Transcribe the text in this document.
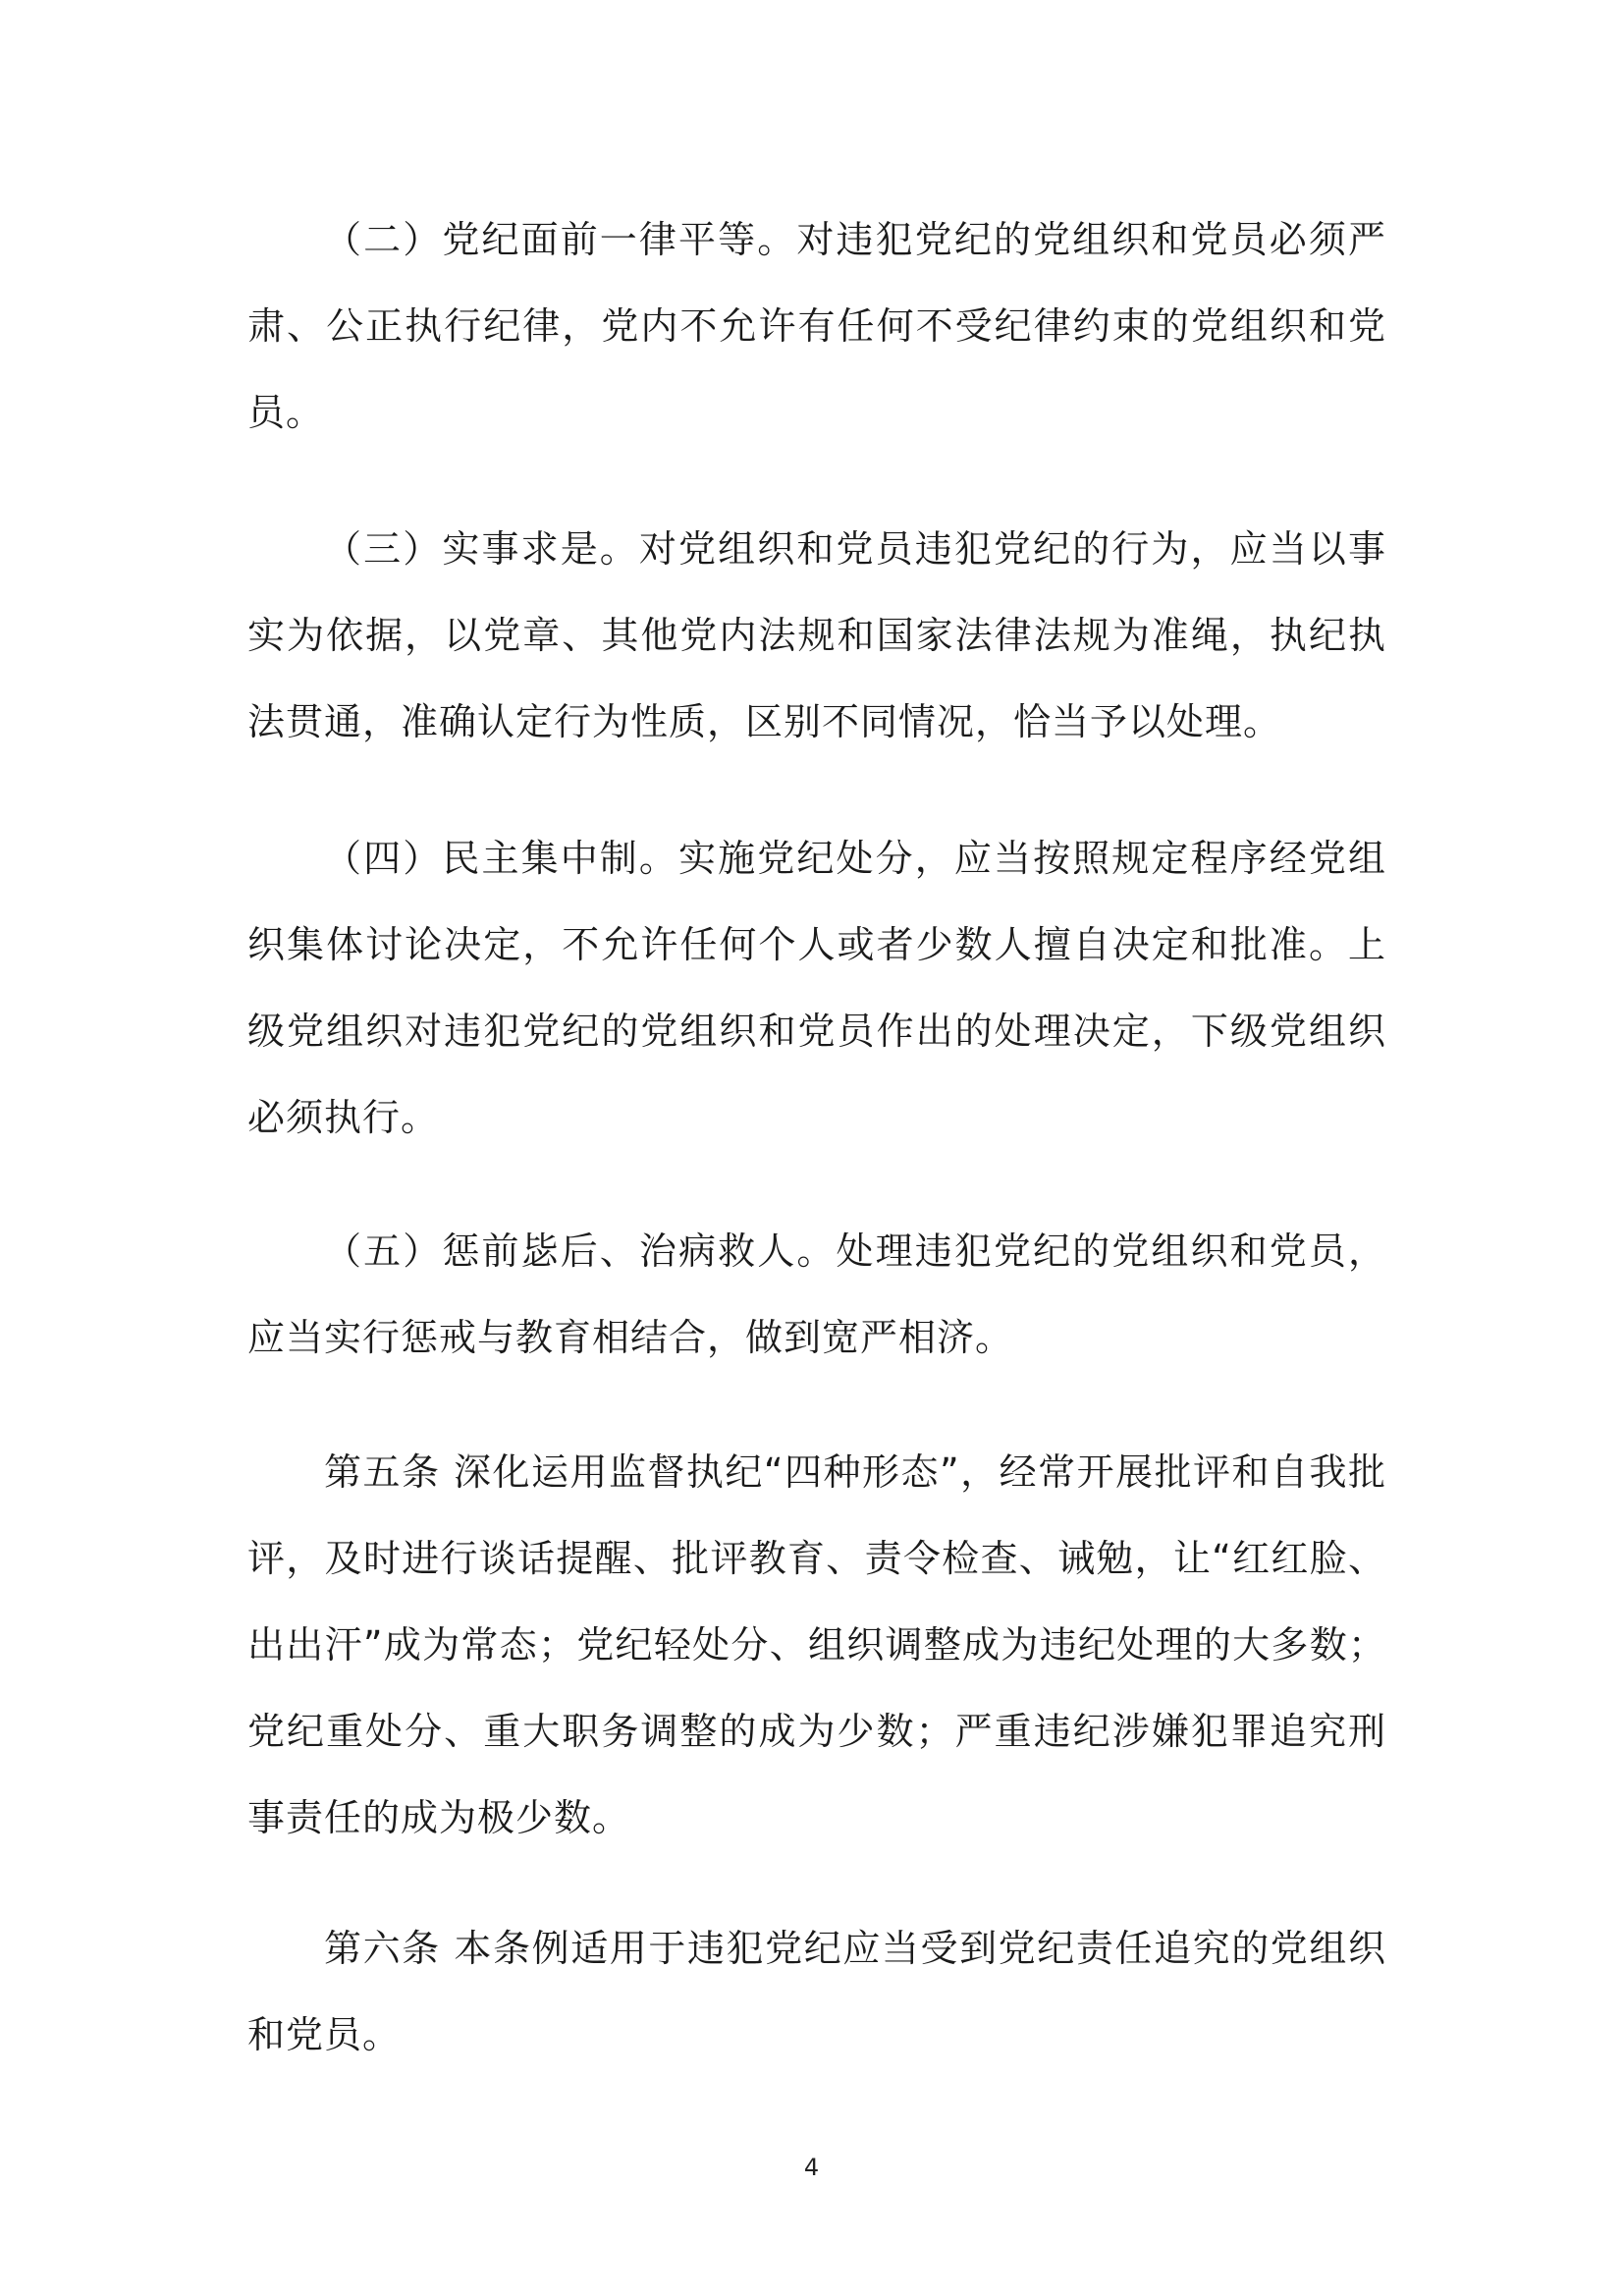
（二）党纪面前一律平等。对违犯党纪的党组织和党员必须严肃、公正执行纪律，党内不允许有任何不受纪律约束的党组织和党员。

（三）实事求是。对党组织和党员违犯党纪的行为，应当以事实为依据，以党章、其他党内法规和国家法律法规为准绳，执纪执法贯通，准确认定行为性质，区别不同情况，恰当予以处理。

（四）民主集中制。实施党纪处分，应当按照规定程序经党组织集体讨论决定，不允许任何个人或者少数人擅自决定和批准。上级党组织对违犯党纪的党组织和党员作出的处理决定，下级党组织必须执行。

（五）惩前毖后、治病救人。处理违犯党纪的党组织和党员，应当实行惩戒与教育相结合，做到宽严相济。

第五条 深化运用监督执纪“四种形态”，经常开展批评和自我批评，及时进行谈话提醒、批评教育、责令检查、诫勉，让“红红脸、出出汗”成为常态；党纪轻处分、组织调整成为违纪处理的大多数；党纪重处分、重大职务调整的成为少数；严重违纪涉嫌犯罪追究刑事责任的成为极少数。

第六条 本条例适用于违犯党纪应当受到党纪责任追究的党组织和党员。

4
